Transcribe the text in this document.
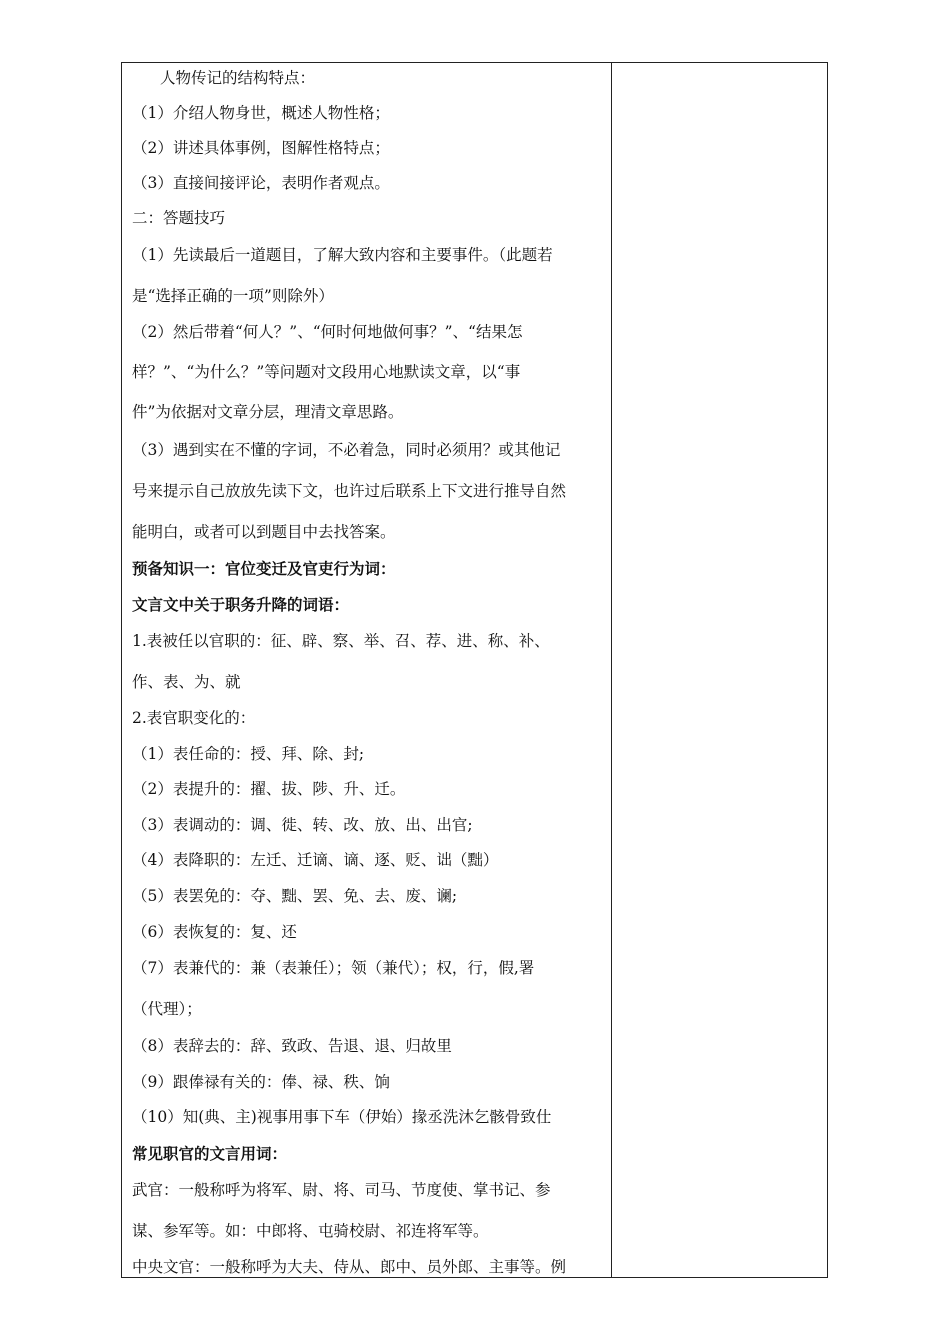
人物传记的结构特点：
（1）介绍人物身世，概述人物性格；
（2）讲述具体事例，图解性格特点；
（3）直接间接评论，表明作者观点。
二：答题技巧
（1）先读最后一道题目，了解大致内容和主要事件。（此题若
是“选择正确的一项”则除外）
（2）然后带着“何人？”、“何时何地做何事？”、“结果怎
样？”、“为什么？”等问题对文段用心地默读文章，以“事
件”为依据对文章分层，理清文章思路。
（3）遇到实在不懂的字词，不必着急，同时必须用？或其他记
号来提示自己放放先读下文，也许过后联系上下文进行推导自然
能明白，或者可以到题目中去找答案。
预备知识一：官位变迁及官吏行为词：
文言文中关于职务升降的词语：
1.表被任以官职的：征、辟、察、举、召、荐、进、称、补、
作、表、为、就
2.表官职变化的：
（1）表任命的：授、拜、除、封;
（2）表提升的：擢、拔、陟、升、迁。
（3）表调动的：调、徙、转、改、放、出、出官;
（4）表降职的：左迁、迁谪、谪、逐、贬、诎（黜）
（5）表罢免的：夺、黜、罢、免、去、废、谰;
（6）表恢复的：复、还
（7）表兼代的：兼（表兼任）；领（兼代）；权，行，假,署
（代理）；
（8）表辞去的：辞、致政、告退、退、归故里
（9）跟俸禄有关的：俸、禄、秩、饷
（10）知(典、主)视事用事下车（伊始）掾丞洗沐乞骸骨致仕
常见职官的文言用词：
武官：一般称呼为将军、尉、将、司马、节度使、掌书记、参
谋、参军等。如：中郎将、屯骑校尉、祁连将军等。
中央文官：一般称呼为大夫、侍从、郎中、员外郎、主事等。例
